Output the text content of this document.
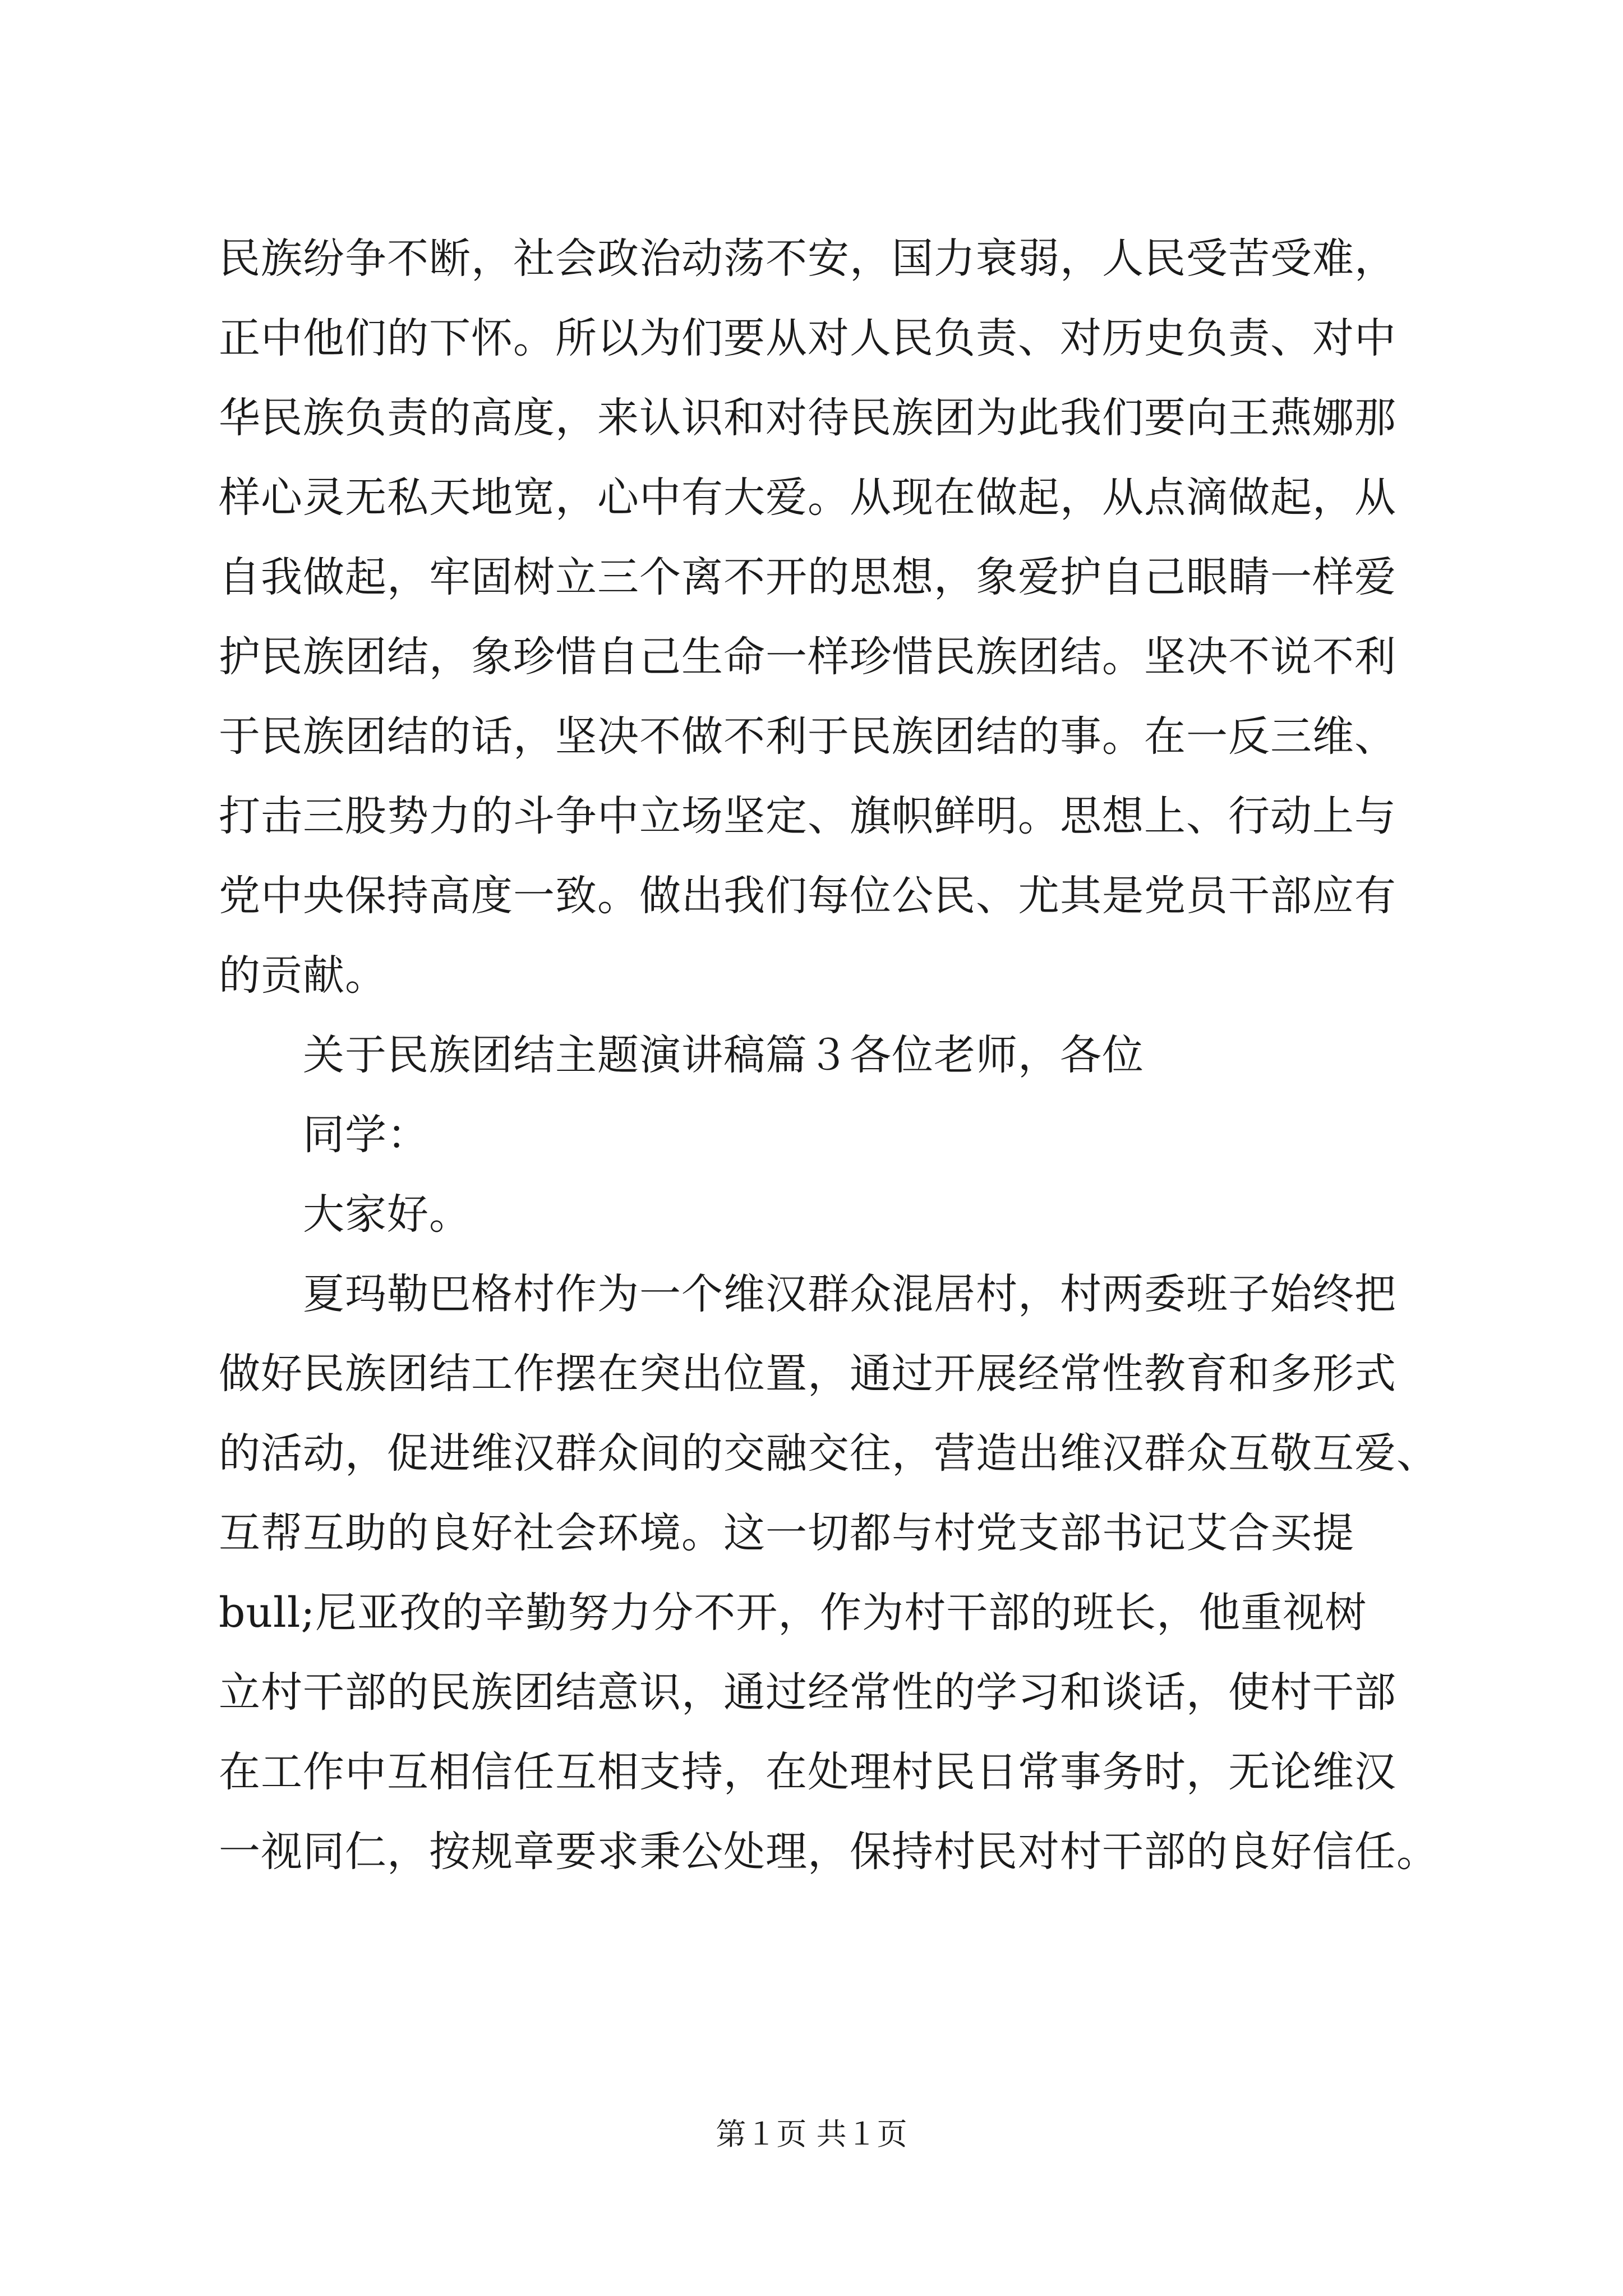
民族纷争不断，社会政治动荡不安，国力衰弱，人民受苦受难，
正中他们的下怀。所以为们要从对人民负责、对历史负责、对中
华民族负责的高度，来认识和对待民族团为此我们要向王燕娜那
样心灵无私天地宽，心中有大爱。从现在做起，从点滴做起，从
自我做起，牢固树立三个离不开的思想，象爱护自己眼睛一样爱
护民族团结，象珍惜自己生命一样珍惜民族团结。坚决不说不利
于民族团结的话，坚决不做不利于民族团结的事。在一反三维、
打击三股势力的斗争中立场坚定、旗帜鲜明。思想上、行动上与
党中央保持高度一致。做出我们每位公民、尤其是党员干部应有
的贡献。
关于民族团结主题演讲稿篇３各位老师，各位
同学：
大家好。
夏玛勒巴格村作为一个维汉群众混居村，村两委班子始终把
做好民族团结工作摆在突出位置，通过开展经常性教育和多形式
的活动，促进维汉群众间的交融交往，营造出维汉群众互敬互爱、
互帮互助的良好社会环境。这一切都与村党支部书记艾合买提
bull;尼亚孜的辛勤努力分不开，作为村干部的班长，他重视树
立村干部的民族团结意识，通过经常性的学习和谈话，使村干部
在工作中互相信任互相支持，在处理村民日常事务时，无论维汉
一视同仁，按规章要求秉公处理，保持村民对村干部的良好信任。
第１页 共１页
